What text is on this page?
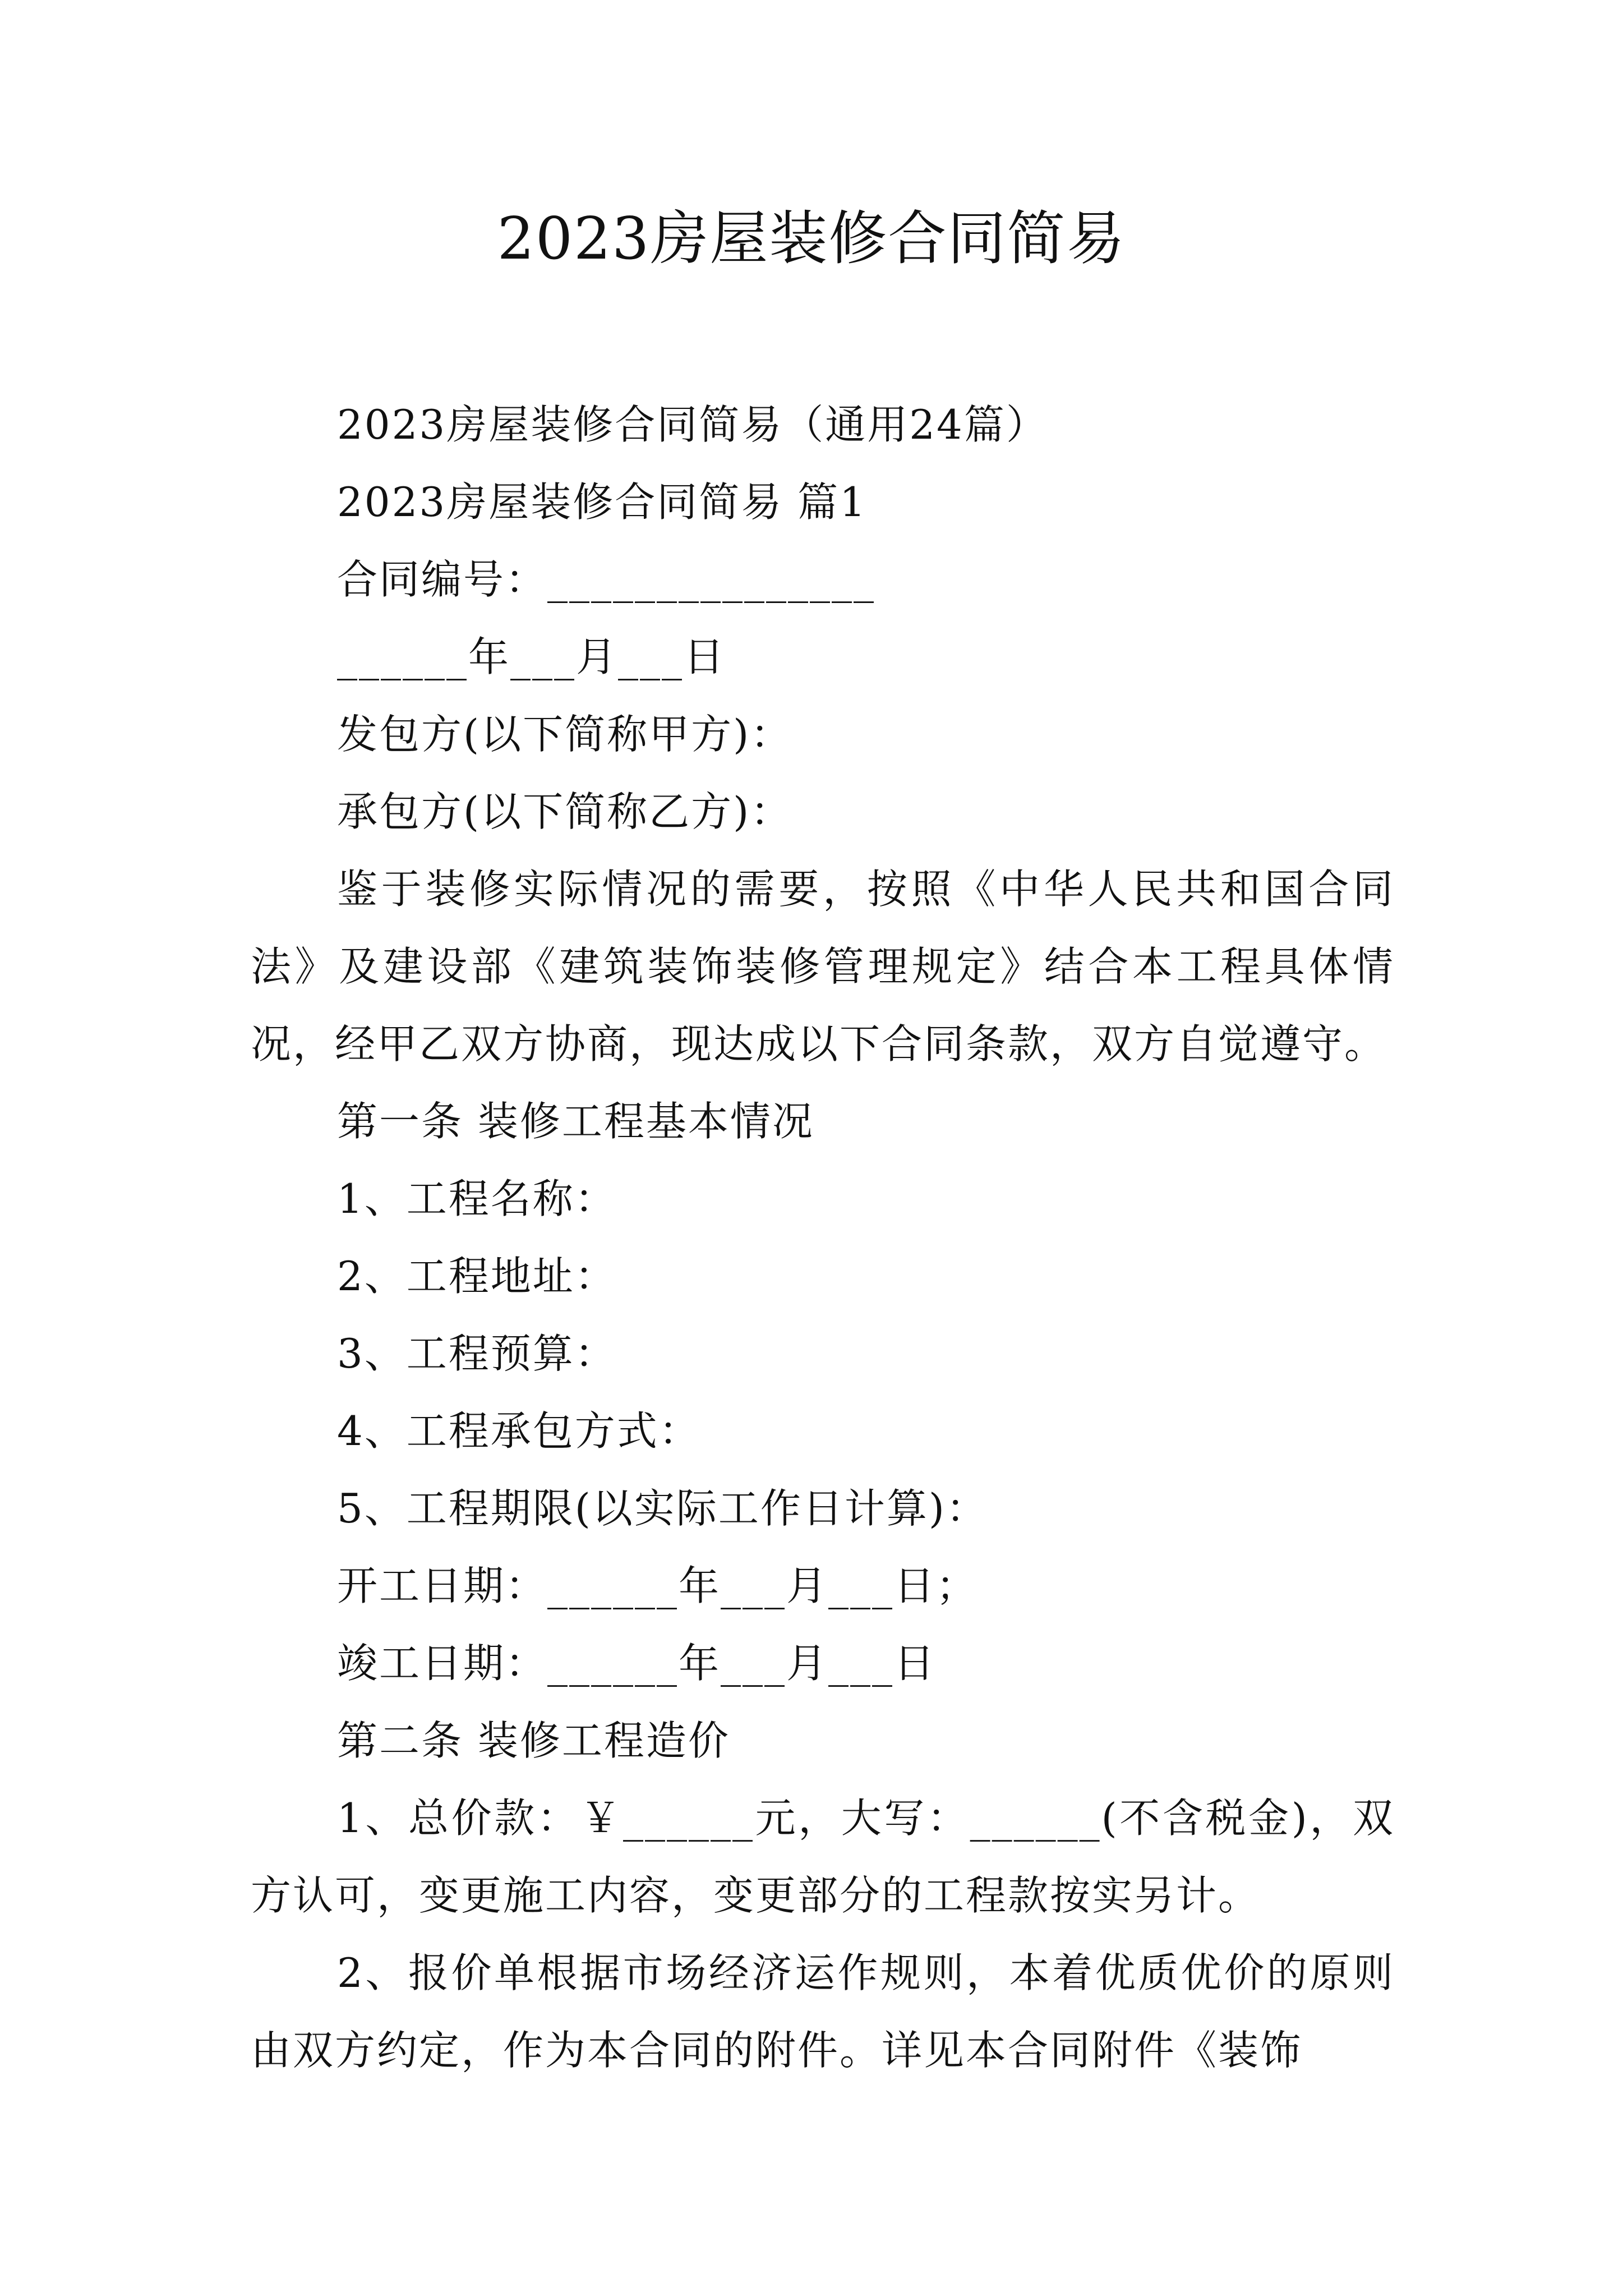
2023房屋装修合同简易

2023房屋装修合同简易（通用24篇）

2023房屋装修合同简易 篇1

合同编号：_______________

______年___月___日

发包方(以下简称甲方)：

承包方(以下简称乙方)：

鉴于装修实际情况的需要，按照《中华人民共和国合同法》及建设部《建筑装饰装修管理规定》结合本工程具体情况，经甲乙双方协商，现达成以下合同条款，双方自觉遵守。

第一条 装修工程基本情况

1、工程名称：

2、工程地址：

3、工程预算：

4、工程承包方式：

5、工程期限(以实际工作日计算)：

开工日期：______年___月___日；

竣工日期：______年___月___日

第二条 装修工程造价

1、总价款：￥______元，大写：______(不含税金)，双方认可，变更施工内容，变更部分的工程款按实另计。

2、报价单根据市场经济运作规则，本着优质优价的原则由双方约定，作为本合同的附件。详见本合同附件《装饰
